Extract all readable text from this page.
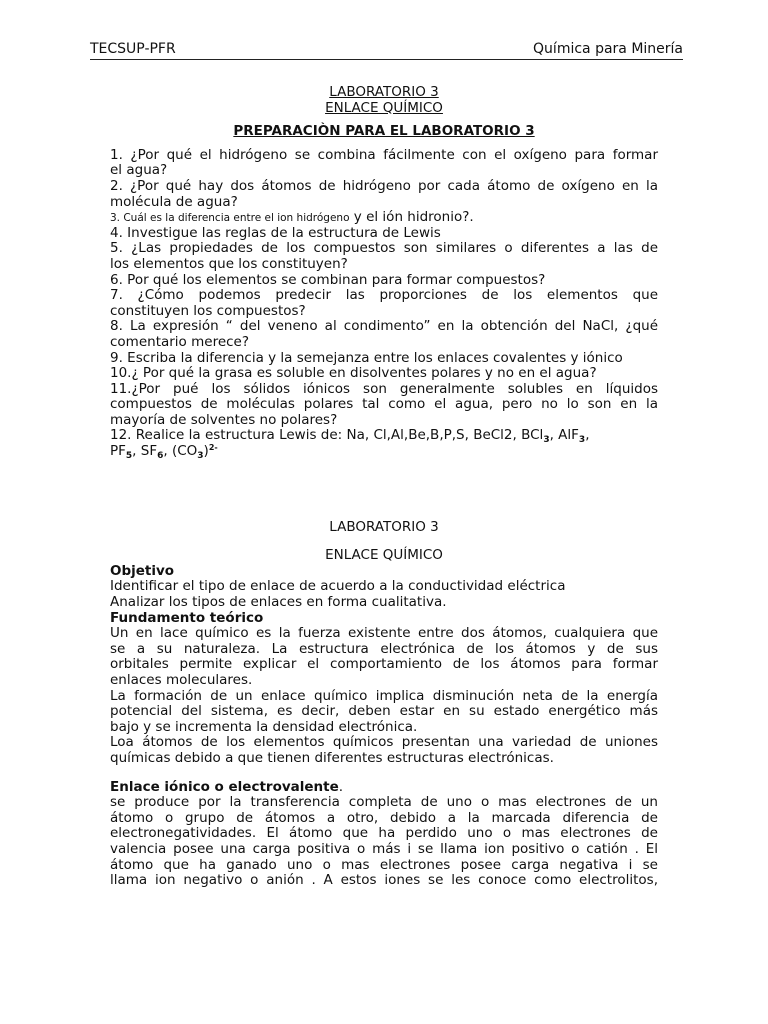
TECSUP-PFR	Química para Minería
LABORATORIO 3
ENLACE QUÍMICO
PREPARACIÒN PARA EL LABORATORIO 3
1. ¿Por qué el hidrógeno se combina fácilmente con el oxígeno para formar
el agua?
2. ¿Por qué hay dos átomos de hidrógeno por cada átomo de oxígeno en la
molécula de agua?
3. Cuál es la diferencia entre el ion hidrógeno y el ión hidronio?.
4. Investigue las reglas de la estructura de Lewis
5. ¿Las propiedades de los compuestos son similares o diferentes a las de
los elementos que los constituyen?
6. Por qué los elementos se combinan para formar compuestos?
7. ¿Cómo podemos predecir las proporciones de los elementos que
constituyen los compuestos?
8. La expresión “ del veneno al condimento” en la obtención del NaCl, ¿qué
comentario merece?
9. Escriba la diferencia y la semejanza entre los enlaces covalentes y iónico
10.¿ Por qué la grasa es soluble en disolventes polares y no en el agua?
11.¿Por pué los sólidos iónicos son generalmente solubles en líquidos
compuestos de moléculas polares tal como el agua, pero no lo son en la
mayoría de solventes no polares?
12. Realice la estructura Lewis de: Na, Cl,Al,Be,B,P,S, BeCl2, BCl$_3$, AlF$_3$,
$PF_5$, $SF_6$, $(CO_3)^{2-}$
LABORATORIO 3
ENLACE QUÍMICO
Objetivo
Identificar el tipo de enlace de acuerdo a la conductividad eléctrica
Analizar los tipos de enlaces en forma cualitativa.
Fundamento teórico
Un en lace químico es la fuerza existente entre dos átomos, cualquiera que
se a su naturaleza. La estructura electrónica de los átomos y de sus
orbitales permite explicar el comportamiento de los átomos para formar
enlaces moleculares.
La formación de un enlace químico implica disminución neta de la energía
potencial del sistema, es decir, deben estar en su estado energético más
bajo y se incrementa la densidad electrónica.
Loa átomos de los elementos químicos presentan una variedad de uniones
químicas debido a que tienen diferentes estructuras electrónicas.
Enlace iónico o electrovalente.
se produce por la transferencia completa de uno o mas electrones de un
átomo o grupo de átomos a otro, debido a la marcada diferencia de
electronegatividades. El átomo que ha perdido uno o mas electrones de
valencia posee una carga positiva o más i se llama ion positivo o catión . El
átomo que ha ganado uno o mas electrones posee carga negativa i se
llama ion negativo o anión . A estos iones se les conoce como electrolitos,
